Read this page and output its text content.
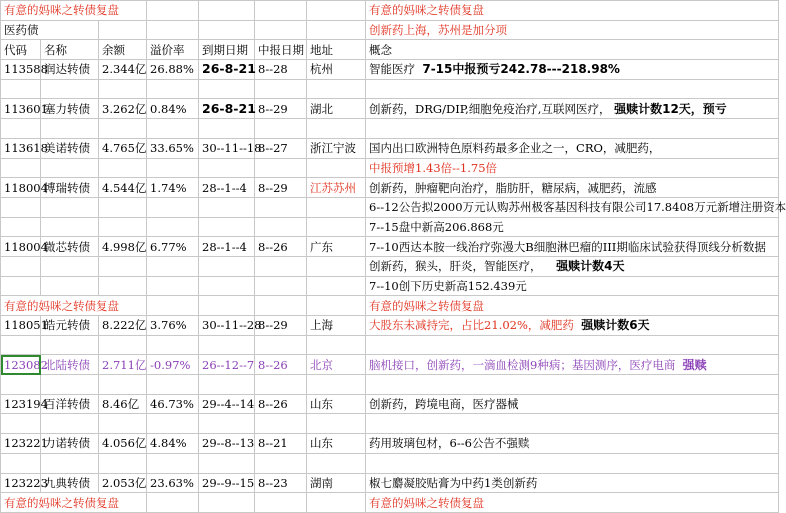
有意的妈咪之转债复盘							有意的妈咪之转债复盘
医药债							创新药上海，苏州是加分项
代码	名称	余额	溢价率	到期日期	中报日期	地址	概念
113588	润达转债	2.344亿	26.88%	26-8-21	8--28	杭州	智能医疗 7-15中报预亏242.78---218.98%

113601	塞力转债	3.262亿	0.84%	26-8-21	8--29	湖北	创新药，DRG/DIP,细胞免疫治疗,互联网医疗， 强赎计数12天，预亏

113618	美诺转债	4.765亿	33.65%	30--11--18	8--27	浙江宁波	国内出口欧洲特色原料药最多企业之一，CRO，减肥药，
							中报预增1.43倍--1.75倍
118004	博瑞转债	4.544亿	1.74%	28--1--4	8--29	江苏苏州	创新药，肿瘤靶向治疗，脂肪肝，糖尿病，减肥药，流感
							6--12公告拟2000万元认购苏州极客基因科技有限公司17.8408万元新增注册资本
							7--15盘中新高206.868元
118004	微芯转债	4.998亿	6.77%	28--1--4	8--26	广东	7--10西达本胺一线治疗弥漫大B细胞淋巴瘤的III期临床试验获得顶线分析数据
							创新药，猴头，肝炎，智能医疗， 强赎计数4天
							7--10创下历史新高152.439元
有意的妈咪之转债复盘							有意的妈咪之转债复盘
118051	皓元转债	8.222亿	3.76%	30--11--28	8--29	上海	大股东未减持完，占比21.02%，减肥药 强赎计数6天

123082	北陆转债	2.711亿	-0.97%	26--12--7	8--26	北京	脑机接口，创新药，一滴血检测9种病；基因测序，医疗电商 强赎

123194	百洋转债	8.46亿	46.73%	29--4--14	8--26	山东	创新药，跨境电商，医疗器械

123221	力诺转债	4.056亿	4.84%	29--8--13	8--21	山东	药用玻璃包材，6--6公告不强赎

123223	九典转债	2.053亿	23.63%	29--9--15	8--23	湖南	椒七麝凝胶贴膏为中药1类创新药
有意的妈咪之转债复盘							有意的妈咪之转债复盘
